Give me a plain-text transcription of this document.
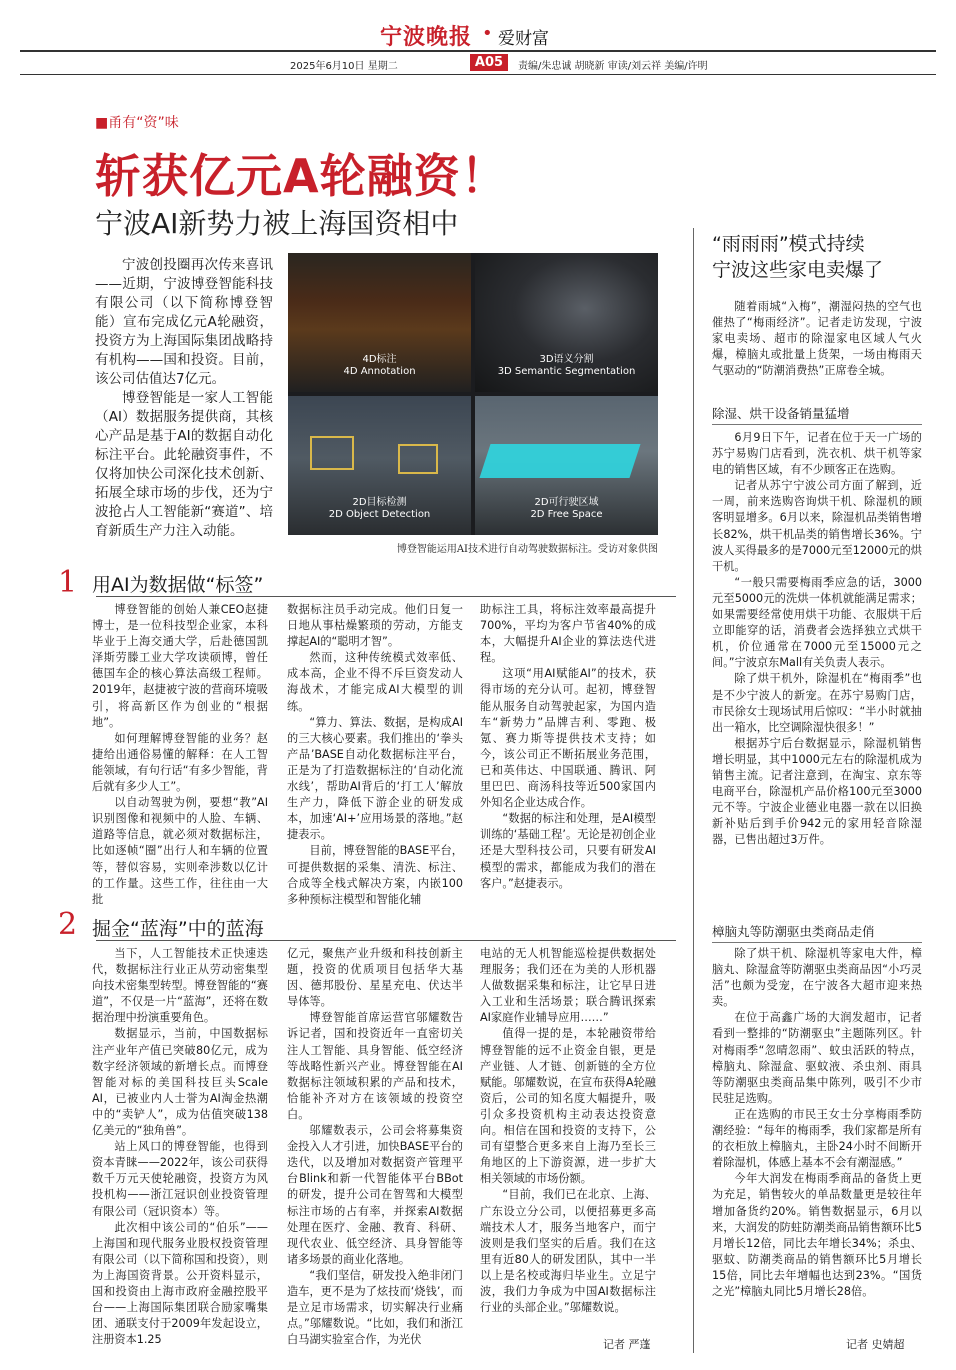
宁波晚报 • 爱财富
2025年6月10日 星期二	A05	责编/朱忠诚 胡晓新 审读/刘云祥 美编/许明
■甬有“资”味
斩获亿元A轮融资！
宁波AI新势力被上海国资相中

宁波创投圈再次传来喜讯——近期，宁波博登智能科技有限公司（以下简称博登智能）宣布完成亿元A轮融资，投资方为上海国际集团战略持有机构——国和投资。目前，该公司估值达7亿元。

博登智能是一家人工智能（AI）数据服务提供商，其核心产品是基于AI的数据自动化标注平台。此轮融资事件，不仅将加快公司深化技术创新、拓展全球市场的步伐，还为宁波抢占人工智能新“赛道”、培育新质生产力注入动能。

4D标注
4D Annotation
3D语义分割
3D Semantic Segmentation
2D目标检测
2D Object Detection
2D可行驶区域
2D Free Space
博登智能运用AI技术进行自动驾驶数据标注。受访对象供图
1 用AI为数据做“标签”

博登智能的创始人兼CEO赵捷博士，是一位科技型企业家，本科毕业于上海交通大学，后赴德国凯泽斯劳滕工业大学攻读硕博，曾任德国车企的核心算法高级工程师。2019年，赵捷被宁波的营商环境吸引，将高新区作为创业的“根据地”。

如何理解博登智能的业务？赵捷给出通俗易懂的解释：在人工智能领域，有句行话“有多少智能，背后就有多少人工”。

以自动驾驶为例，要想“教”AI识别图像和视频中的人脸、车辆、道路等信息，就必须对数据标注，比如逐帧“圈”出行人和车辆的位置等，替似容易，实则牵涉数以亿计的工作量。这些工作，往往由一大批

数据标注员手动完成。他们日复一日地从事枯燥繁琐的劳动，方能支撑起AI的“聪明才智”。

然而，这种传统模式效率低、成本高，企业不得不斥巨资发动人海战术，才能完成AI大模型的训练。

“算力、算法、数据，是构成AI的三大核心要素。我们推出的‘拳头产品’BASE自动化数据标注平台，正是为了打造数据标注的‘自动化流水线’，帮助AI背后的‘打工人’解放生产力，降低下游企业的研发成本，加速‘AI+’应用场景的落地。”赵捷表示。

目前，博登智能的BASE平台，可提供数据的采集、清洗、标注、合成等全栈式解决方案，内嵌100多种预标注模型和智能化辅

助标注工具，将标注效率最高提升700%，平均为客户节省40%的成本，大幅提升AI企业的算法迭代进程。

这项“用AI赋能AI”的技术，获得市场的充分认可。起初，博登智能从服务自动驾驶起家，为国内造车“新势力”品牌吉利、零跑、极氪、赛力斯等提供技术支持；如今，该公司正不断拓展业务范围，已和英伟达、中国联通、腾讯、阿里巴巴、商汤科技等近500家国内外知名企业达成合作。

“数据的标注和处理，是AI模型训练的‘基础工程’。无论是初创企业还是大型科技公司，只要有研发AI模型的需求，都能成为我们的潜在客户。”赵捷表示。

2 掘金“蓝海”中的蓝海

当下，人工智能技术正快速迭代，数据标注行业正从劳动密集型向技术密集型转型。博登智能的“赛道”，不仅是一片“蓝海”，还将在数据治理中扮演重要角色。

数据显示，当前，中国数据标注产业年产值已突破80亿元，成为数字经济领域的新增长点。而博登智能对标的美国科技巨头Scale AI，已被业内人士誉为AI淘金热潮中的“卖铲人”，成为估值突破138亿美元的“独角兽”。

站上风口的博登智能，也得到资本青睐——2022年，该公司获得数千万元天使轮融资，投资方为风投机构——浙江冠识创业投资管理有限公司（冠识资本）等。

此次相中该公司的“伯乐”——上海国和现代服务业股权投资管理有限公司（以下简称国和投资），则为上海国资背景。公开资料显示，国和投资由上海市政府金融控股平台——上海国际集团联合励家嘴集团、通联支付于2009年发起设立，注册资本1.25

亿元，聚焦产业升级和科技创新主题，投资的优质项目包括华大基因、德邦股份、星星充电、伏达半导体等。

博登智能首席运营官邬耀数告诉记者，国和投资近年一直密切关注人工智能、具身智能、低空经济等战略性新兴产业。博登智能在AI数据标注领域积累的产品和技术，恰能补齐对方在该领域的投资空白。

邬耀数表示，公司会将募集资金投入人才引进，加快BASE平台的迭代，以及增加对数据资产管理平台Blink和新一代智能体平台BBot的研发，提升公司在智驾和大模型标注市场的占有率，并探索AI数据处理在医疗、金融、教育、科研、现代农业、低空经济、具身智能等诸多场景的商业化落地。

“我们坚信，研发投入绝非闭门造车，更不是为了炫技而‘烧钱’，而是立足市场需求，切实解决行业痛点。”邬耀数说。“比如，我们和浙江白马湖实验室合作，为光伏

电站的无人机智能巡检提供数据处理服务；我们还在为美的人形机器人做数据采集和标注，让它早日进入工业和生活场景；联合腾讯探索AI家庭作业辅导应用……”

值得一提的是，本轮融资带给博登智能的远不止资金自银，更是产业链、人才链、创新链的全方位赋能。邬耀数说，在宣布获得A轮融资后，公司的知名度大幅提升，吸引众多投资机构主动表达投资意向。相信在国和投资的支持下，公司有望整合更多来自上海乃至长三角地区的上下游资源，进一步扩大相关领域的市场份额。

“目前，我们已在北京、上海、广东设立分公司，以便招募更多高端技术人才，服务当地客户，而宁波则是我们坚实的后盾。我们在这里有近80人的研发团队，其中一半以上是名校或海归毕业生。立足宁波，我们力争成为中国AI数据标注行业的头部企业。”邬耀数说。

记者 严蓬
“雨雨雨”模式持续
宁波这些家电卖爆了

随着雨城“入梅”，潮湿闷热的空气也催热了“梅雨经济”。记者走访发现，宁波家电卖场、超市的除湿家电区域人气火爆，樟脑丸或批量上货架，一场由梅雨天气驱动的“防潮消费热”正席卷全城。

除湿、烘干设备销量猛增

6月9日下午，记者在位于天一广场的苏宁易购门店看到，洗衣机、烘干机等家电的销售区域，有不少顾客正在选购。

记者从苏宁宁波公司方面了解到，近一周，前来选购咨询烘干机、除湿机的顾客明显增多。6月以来，除湿机品类销售增长82%，烘干机品类的销售增长36%。宁波人买得最多的是7000元至12000元的烘干机。

“一般只需要梅雨季应急的话，3000元至5000元的洗烘一体机就能满足需求；如果需要经常使用烘干功能、衣服烘干后立即能穿的话，消费者会选择独立式烘干机，价位通常在7000元至15000元之间。”宁波京东Mall有关负责人表示。

除了烘干机外，除湿机在“梅雨季”也是不少宁波人的新宠。在苏宁易购门店，市民徐女士现场试用后惊叹：“半小时就抽出一箱水，比空调除湿快很多！”

根据苏宁后台数据显示，除湿机销售增长明显，其中1000元左右的除湿机成为销售主流。记者注意到，在淘宝、京东等电商平台，除湿机产品价格100元至3000元不等。宁波企业德业电器一款在以旧换新补贴后到手价942元的家用轻音除湿器，已售出超过3万件。

樟脑丸等防潮驱虫类商品走俏

除了烘干机、除湿机等家电大件，樟脑丸、除湿盒等防潮驱虫类商品因“小巧灵活”也颇为受宠，在宁波各大超市迎来热卖。

在位于高鑫广场的大润发超市，记者看到一整排的“防潮驱虫”主题陈列区。针对梅雨季“忽晴忽雨”、蚊虫活跃的特点，樟脑丸、除湿盒、驱蚊液、杀虫剂、雨具等防潮驱虫类商品集中陈列，吸引不少市民驻足选购。

正在选购的市民王女士分享梅雨季防潮经验：“每年的梅雨季，我们家都是所有的衣柜放上樟脑丸，主卧24小时不间断开着除湿机，体感上基本不会有潮湿感。”

今年大润发在梅雨季商品的备货上更为充足，销售较火的单品数量更是较往年增加备货约20%。销售数据显示，6月以来，大润发的防蛀防潮类商品销售额环比5月增长12倍，同比去年增长34%；杀虫、驱蚊、防潮类商品的销售额环比5月增长15倍，同比去年增幅也达到23%。“国货之光”樟脑丸同比5月增长28倍。

记者 史婧超
